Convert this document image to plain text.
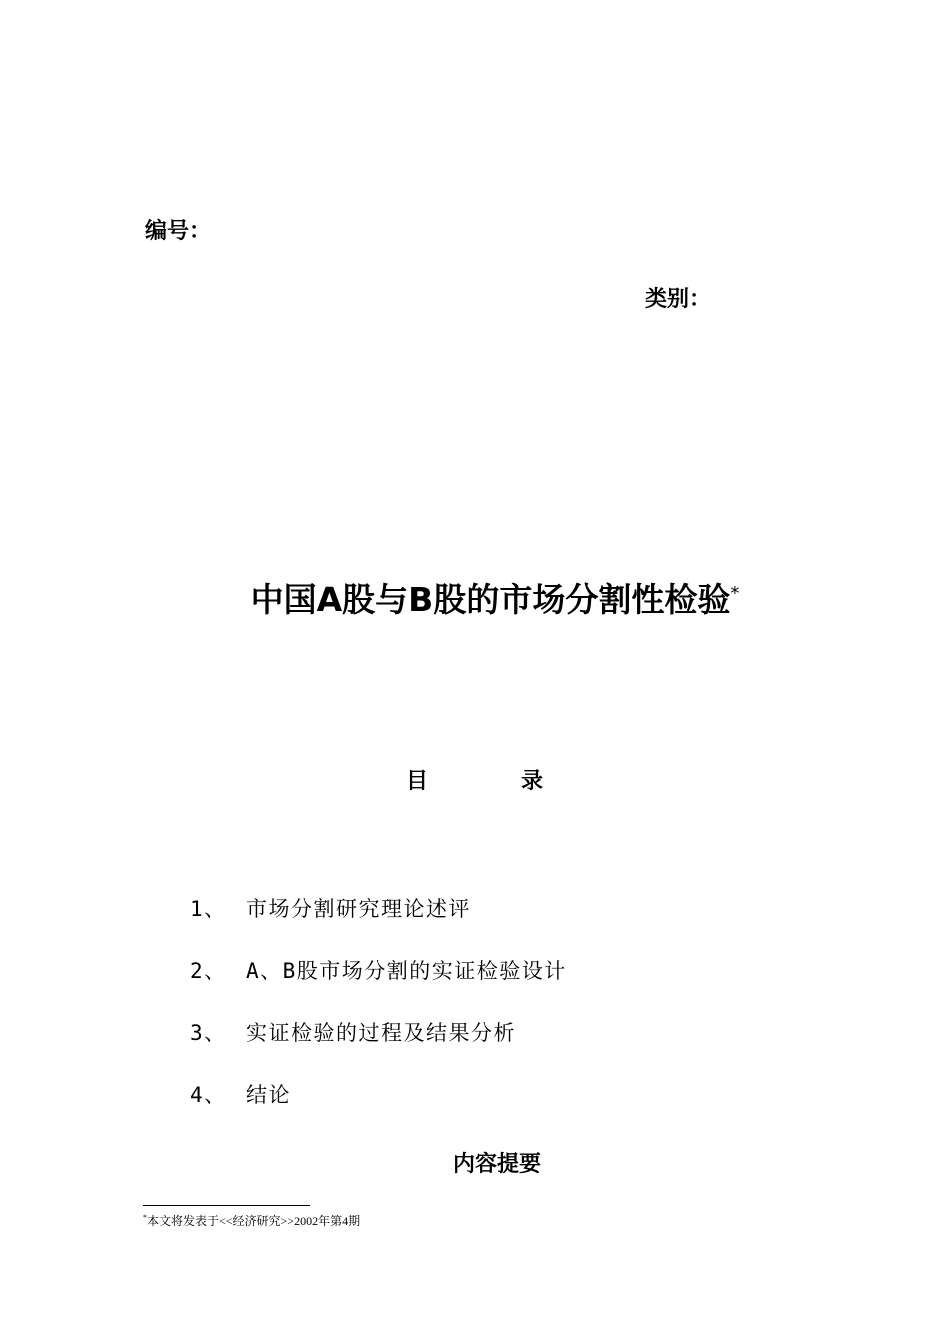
编号：
类别：
中国A股与B股的市场分割性检验*
目	录
1、 市场分割研究理论述评
2、 A、B股市场分割的实证检验设计
3、 实证检验的过程及结果分析
4、 结论
内容提要
*本文将发表于<<经济研究>>2002年第4期
